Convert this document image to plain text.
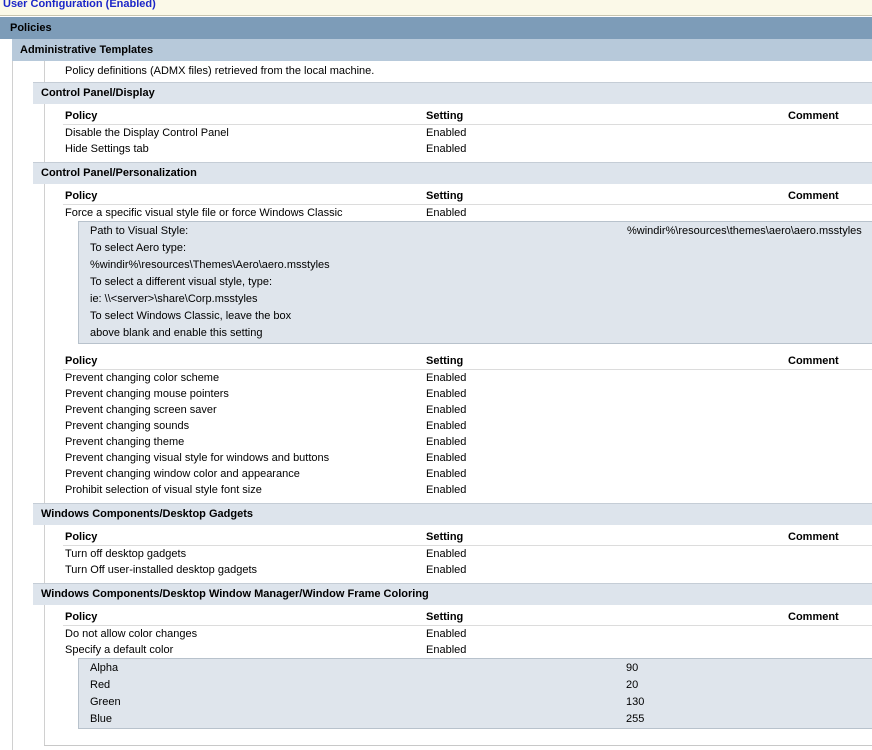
User Configuration (Enabled)
Policies
Administrative Templates
Policy definitions (ADMX files) retrieved from the local machine.
Control Panel/Display
Policy	Setting	Comment
Disable the Display Control Panel	Enabled
Hide Settings tab	Enabled
Control Panel/Personalization
Policy	Setting	Comment
Force a specific visual style file or force Windows Classic	Enabled
Path to Visual Style:	%windir%\resources\themes\aero\aero.msstyles
To select Aero type:
%windir%\resources\Themes\Aero\aero.msstyles
To select a different visual style, type:
ie: \\<server>\share\Corp.msstyles
To select Windows Classic, leave the box
above blank and enable this setting
Policy	Setting	Comment
Prevent changing color scheme	Enabled
Prevent changing mouse pointers	Enabled
Prevent changing screen saver	Enabled
Prevent changing sounds	Enabled
Prevent changing theme	Enabled
Prevent changing visual style for windows and buttons	Enabled
Prevent changing window color and appearance	Enabled
Prohibit selection of visual style font size	Enabled
Windows Components/Desktop Gadgets
Policy	Setting	Comment
Turn off desktop gadgets	Enabled
Turn Off user-installed desktop gadgets	Enabled
Windows Components/Desktop Window Manager/Window Frame Coloring
Policy	Setting	Comment
Do not allow color changes	Enabled
Specify a default color	Enabled
Alpha	90
Red	20
Green	130
Blue	255
